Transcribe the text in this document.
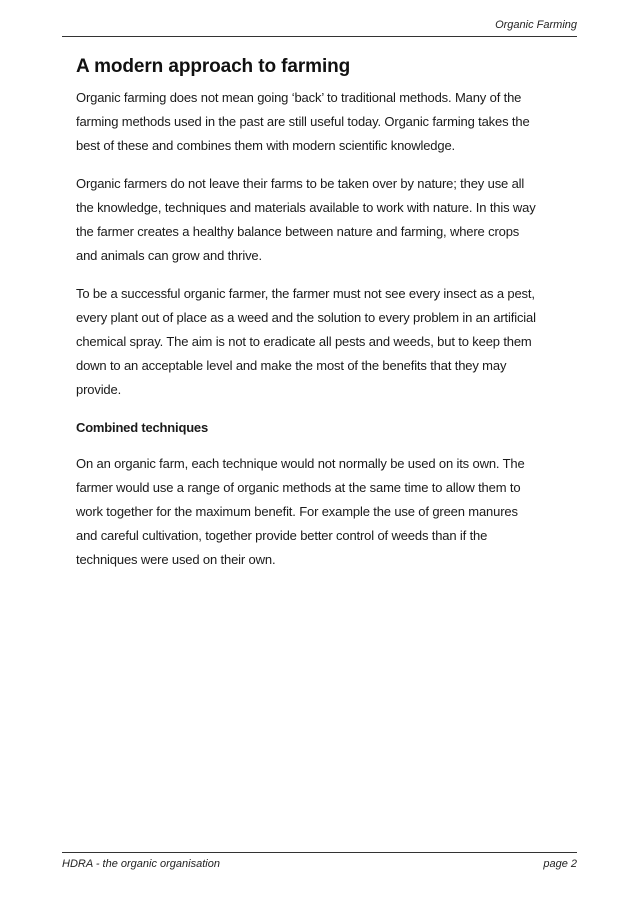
Organic Farming
A modern approach to farming

Organic farming does not mean going ‘back’ to traditional methods. Many of the farming methods used in the past are still useful today. Organic farming takes the best of these and combines them with modern scientific knowledge.

Organic farmers do not leave their farms to be taken over by nature; they use all the knowledge, techniques and materials available to work with nature. In this way the farmer creates a healthy balance between nature and farming, where crops and animals can grow and thrive.

To be a successful organic farmer, the farmer must not see every insect as a pest, every plant out of place as a weed and the solution to every problem in an artificial chemical spray. The aim is not to eradicate all pests and weeds, but to keep them down to an acceptable level and make the most of the benefits that they may provide.

Combined techniques

On an organic farm, each technique would not normally be used on its own. The farmer would use a range of organic methods at the same time to allow them to work together for the maximum benefit. For example the use of green manures and careful cultivation, together provide better control of weeds than if the techniques were used on their own.

HDRA - the organic organisation	page 2
